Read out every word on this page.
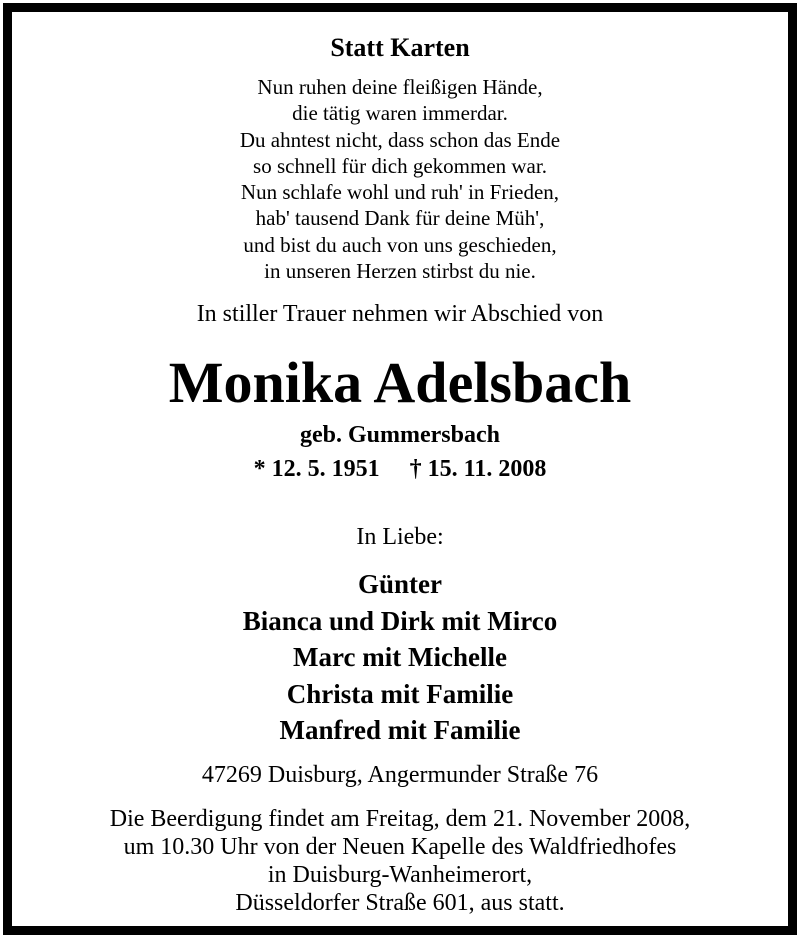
Statt Karten
Nun ruhen deine fleißigen Hände,
die tätig waren immerdar.
Du ahntest nicht, dass schon das Ende
so schnell für dich gekommen war.
Nun schlafe wohl und ruh' in Frieden,
hab' tausend Dank für deine Müh',
und bist du auch von uns geschieden,
in unseren Herzen stirbst du nie.
In stiller Trauer nehmen wir Abschied von
Monika Adelsbach
geb. Gummersbach
* 12. 5. 1951 † 15. 11. 2008
In Liebe:
Günter
Bianca und Dirk mit Mirco
Marc mit Michelle
Christa mit Familie
Manfred mit Familie
47269 Duisburg, Angermunder Straße 76
Die Beerdigung findet am Freitag, dem 21. November 2008,
um 10.30 Uhr von der Neuen Kapelle des Waldfriedhofes
in Duisburg-Wanheimerort,
Düsseldorfer Straße 601, aus statt.
